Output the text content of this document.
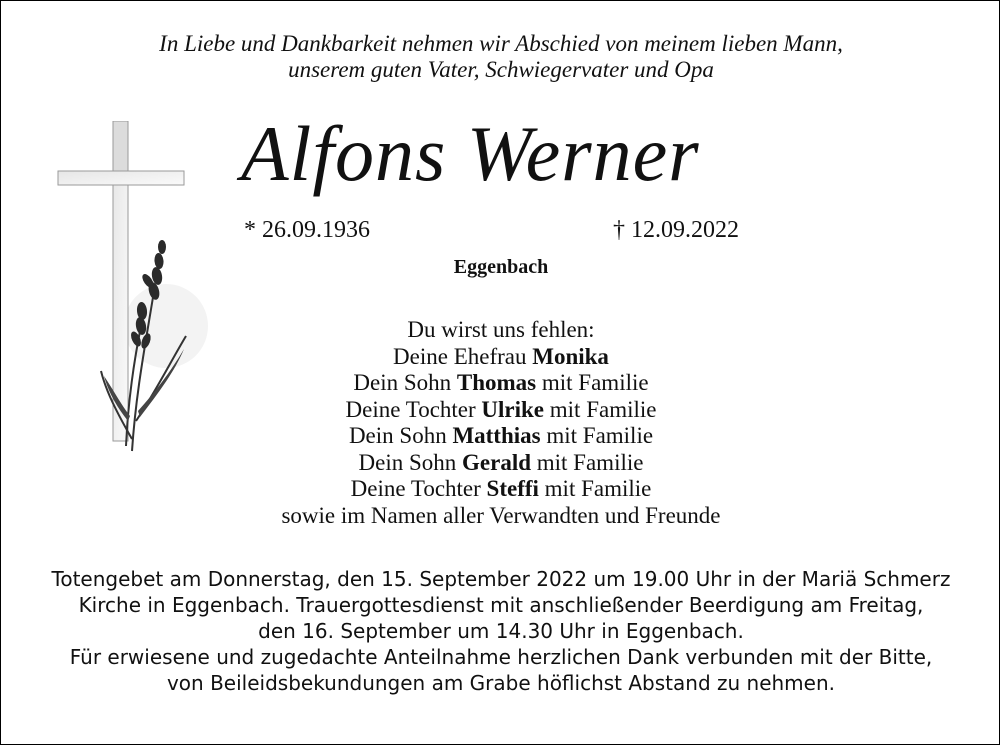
In Liebe und Dankbarkeit nehmen wir Abschied von meinem lieben Mann,
unserem guten Vater, Schwiegervater und Opa
Alfons Werner
* 26.09.1936	† 12.09.2022
Eggenbach
Du wirst uns fehlen:
Deine Ehefrau Monika
Dein Sohn Thomas mit Familie
Deine Tochter Ulrike mit Familie
Dein Sohn Matthias mit Familie
Dein Sohn Gerald mit Familie
Deine Tochter Steffi mit Familie
sowie im Namen aller Verwandten und Freunde
Totengebet am Donnerstag, den 15. September 2022 um 19.00 Uhr in der Mariä Schmerz
Kirche in Eggenbach. Trauergottesdienst mit anschließender Beerdigung am Freitag,
den 16. September um 14.30 Uhr in Eggenbach.
Für erwiesene und zugedachte Anteilnahme herzlichen Dank verbunden mit der Bitte,
von Beileidsbekundungen am Grabe höflichst Abstand zu nehmen.
